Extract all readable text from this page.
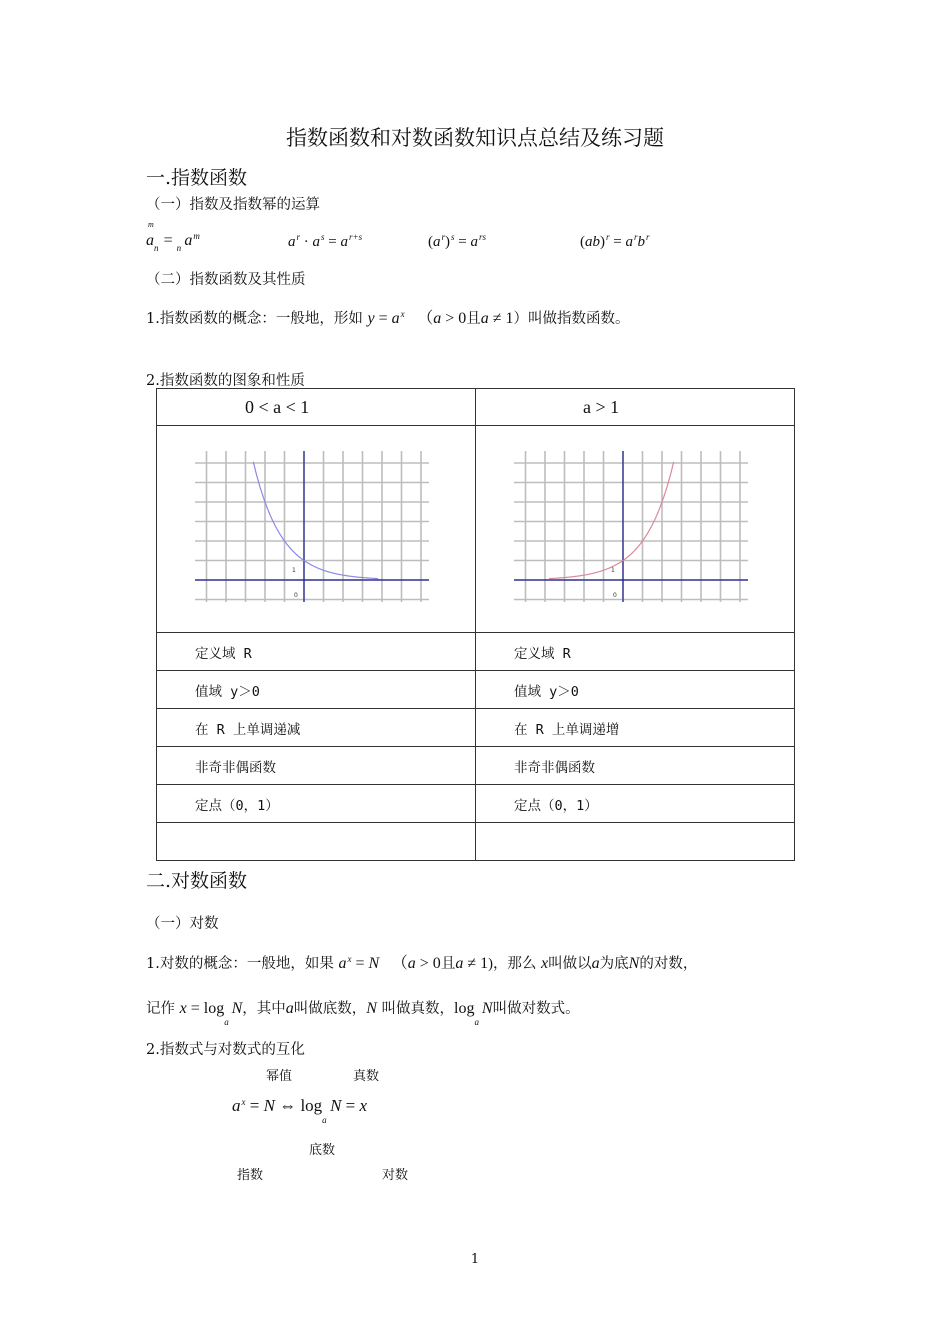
指数函数和对数函数知识点总结及练习题
一.指数函数
（一）指数及指数幂的运算
a
m
$_n$ = $_n$  $a^m$	$a^r \cdot a^s = a^{r+s}$	$(a^r)^s = a^{rs}$	$(ab)^r = a^rb^r$
（二）指数函数及其性质
1.指数函数的概念：一般地，形如 $y = a^x$  （a > 0且a ≠ 1）叫做指数函数。
2.指数函数的图象和性质
0 < a < 1	a > 1

1
0	1
0

定义域 R	定义域 R
值域 y＞0	值域 y＞0
在 R 上单调递减	在 R 上单调递增
非奇非偶函数	非奇非偶函数
定点（0，1）	定点（0，1）

二.对数函数
（一）对数
1.对数的概念：一般地，如果 $a^x = N$  （a > 0且a ≠ 1)，那么 x叫做以a为底N的对数，
记作 $x = \log_a N$，其中a叫做底数，N 叫做真数，$\log_a N$叫做对数式。
2.指数式与对数式的互化
幂值	真数
$a^x = N$ ⇔ $\log_a N = x$
底数
指数	对数
1
